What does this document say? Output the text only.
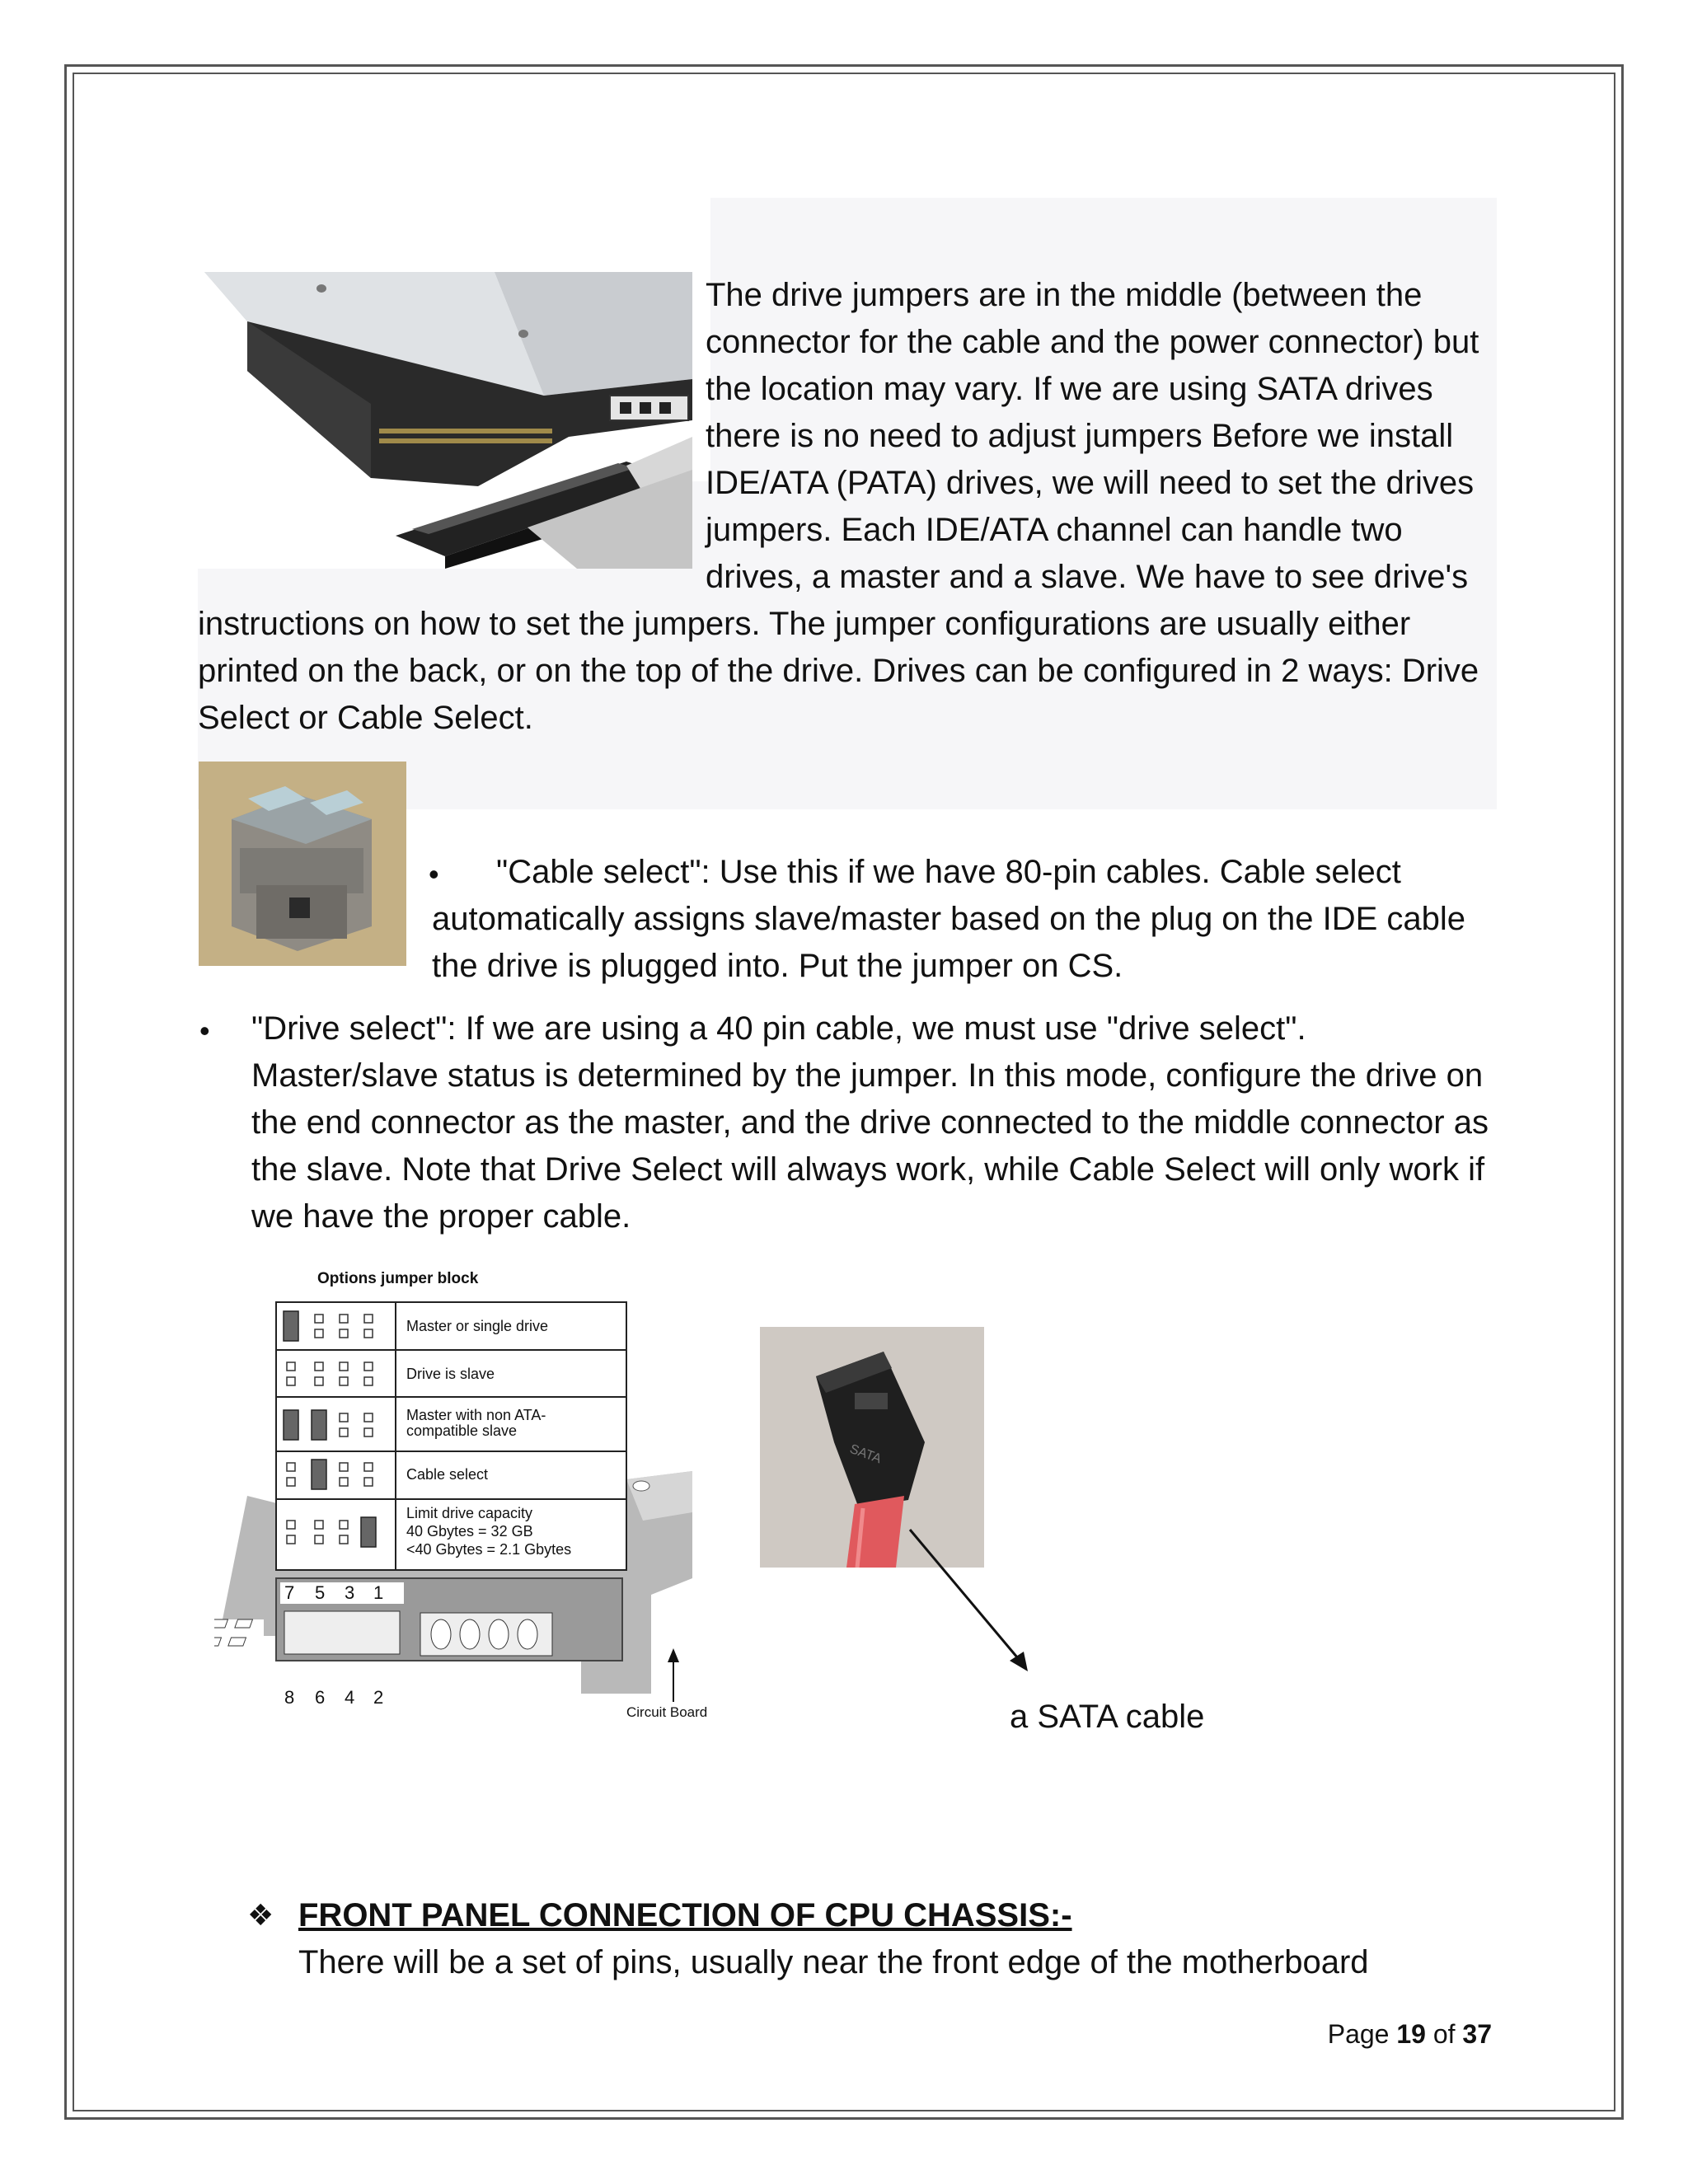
The drive jumpers are in the middle (between the connector for the cable and the power connector) but the location may vary. If we are using SATA drives there is no need to adjust jumpers Before we install IDE/ATA (PATA) drives, we will need to set the drives jumpers. Each IDE/ATA channel can handle two drives, a master and a slave. We have to see drive's instructions on how to set the jumpers. The jumper configurations are usually either printed on the back, or on the top of the drive. Drives can be configured in 2 ways: Drive Select or Cable Select.

•	"Cable select": Use this if we have 80-pin cables. Cable select automatically assigns slave/master based on the plug on the IDE cable the drive is plugged into. Put the jumper on CS.

• "Drive select": If we are using a 40 pin cable, we must use "drive select". Master/slave status is determined by the jumper. In this mode, configure the drive on the end connector as the master, and the drive connected to the middle connector as the slave. Note that Drive Select will always work, while Cable Select will only work if we have the proper cable.

Options jumper block
Master or single drive
Drive is slave
Master with non ATA-
compatible slave
Cable select
Limit drive capacity
40 Gbytes = 32 GB
<40 Gbytes = 2.1 Gbytes
7 5 3 1
8 6 4 2
Circuit Board
SATA

a SATA cable

❖ FRONT PANEL CONNECTION OF CPU CHASSIS:-

There will be a set of pins, usually near the front edge of the motherboard

Page 19 of 37
